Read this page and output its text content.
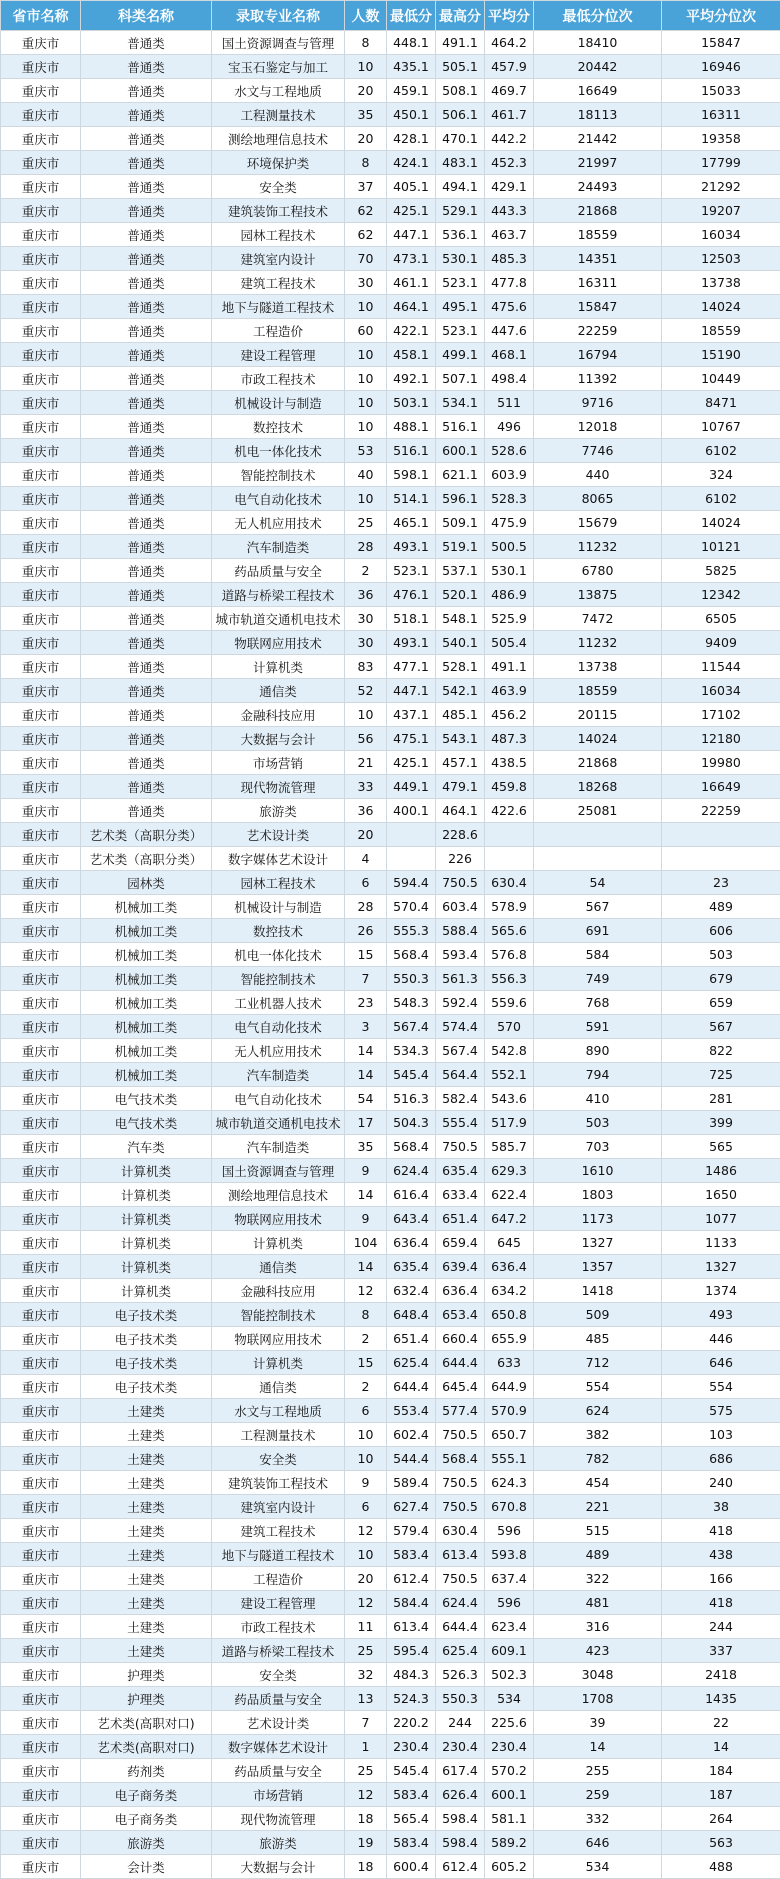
省市名称	科类名称	录取专业名称	人数	最低分	最高分	平均分	最低分位次	平均分位次
重庆市	普通类	国土资源调查与管理	8	448.1	491.1	464.2	18410	15847
重庆市	普通类	宝玉石鉴定与加工	10	435.1	505.1	457.9	20442	16946
重庆市	普通类	水文与工程地质	20	459.1	508.1	469.7	16649	15033
重庆市	普通类	工程测量技术	35	450.1	506.1	461.7	18113	16311
重庆市	普通类	测绘地理信息技术	20	428.1	470.1	442.2	21442	19358
重庆市	普通类	环境保护类	8	424.1	483.1	452.3	21997	17799
重庆市	普通类	安全类	37	405.1	494.1	429.1	24493	21292
重庆市	普通类	建筑装饰工程技术	62	425.1	529.1	443.3	21868	19207
重庆市	普通类	园林工程技术	62	447.1	536.1	463.7	18559	16034
重庆市	普通类	建筑室内设计	70	473.1	530.1	485.3	14351	12503
重庆市	普通类	建筑工程技术	30	461.1	523.1	477.8	16311	13738
重庆市	普通类	地下与隧道工程技术	10	464.1	495.1	475.6	15847	14024
重庆市	普通类	工程造价	60	422.1	523.1	447.6	22259	18559
重庆市	普通类	建设工程管理	10	458.1	499.1	468.1	16794	15190
重庆市	普通类	市政工程技术	10	492.1	507.1	498.4	11392	10449
重庆市	普通类	机械设计与制造	10	503.1	534.1	511	9716	8471
重庆市	普通类	数控技术	10	488.1	516.1	496	12018	10767
重庆市	普通类	机电一体化技术	53	516.1	600.1	528.6	7746	6102
重庆市	普通类	智能控制技术	40	598.1	621.1	603.9	440	324
重庆市	普通类	电气自动化技术	10	514.1	596.1	528.3	8065	6102
重庆市	普通类	无人机应用技术	25	465.1	509.1	475.9	15679	14024
重庆市	普通类	汽车制造类	28	493.1	519.1	500.5	11232	10121
重庆市	普通类	药品质量与安全	2	523.1	537.1	530.1	6780	5825
重庆市	普通类	道路与桥梁工程技术	36	476.1	520.1	486.9	13875	12342
重庆市	普通类	城市轨道交通机电技术	30	518.1	548.1	525.9	7472	6505
重庆市	普通类	物联网应用技术	30	493.1	540.1	505.4	11232	9409
重庆市	普通类	计算机类	83	477.1	528.1	491.1	13738	11544
重庆市	普通类	通信类	52	447.1	542.1	463.9	18559	16034
重庆市	普通类	金融科技应用	10	437.1	485.1	456.2	20115	17102
重庆市	普通类	大数据与会计	56	475.1	543.1	487.3	14024	12180
重庆市	普通类	市场营销	21	425.1	457.1	438.5	21868	19980
重庆市	普通类	现代物流管理	33	449.1	479.1	459.8	18268	16649
重庆市	普通类	旅游类	36	400.1	464.1	422.6	25081	22259
重庆市	艺术类（高职分类）	艺术设计类	20		228.6			
重庆市	艺术类（高职分类）	数字媒体艺术设计	4		226			
重庆市	园林类	园林工程技术	6	594.4	750.5	630.4	54	23
重庆市	机械加工类	机械设计与制造	28	570.4	603.4	578.9	567	489
重庆市	机械加工类	数控技术	26	555.3	588.4	565.6	691	606
重庆市	机械加工类	机电一体化技术	15	568.4	593.4	576.8	584	503
重庆市	机械加工类	智能控制技术	7	550.3	561.3	556.3	749	679
重庆市	机械加工类	工业机器人技术	23	548.3	592.4	559.6	768	659
重庆市	机械加工类	电气自动化技术	3	567.4	574.4	570	591	567
重庆市	机械加工类	无人机应用技术	14	534.3	567.4	542.8	890	822
重庆市	机械加工类	汽车制造类	14	545.4	564.4	552.1	794	725
重庆市	电气技术类	电气自动化技术	54	516.3	582.4	543.6	410	281
重庆市	电气技术类	城市轨道交通机电技术	17	504.3	555.4	517.9	503	399
重庆市	汽车类	汽车制造类	35	568.4	750.5	585.7	703	565
重庆市	计算机类	国土资源调查与管理	9	624.4	635.4	629.3	1610	1486
重庆市	计算机类	测绘地理信息技术	14	616.4	633.4	622.4	1803	1650
重庆市	计算机类	物联网应用技术	9	643.4	651.4	647.2	1173	1077
重庆市	计算机类	计算机类	104	636.4	659.4	645	1327	1133
重庆市	计算机类	通信类	14	635.4	639.4	636.4	1357	1327
重庆市	计算机类	金融科技应用	12	632.4	636.4	634.2	1418	1374
重庆市	电子技术类	智能控制技术	8	648.4	653.4	650.8	509	493
重庆市	电子技术类	物联网应用技术	2	651.4	660.4	655.9	485	446
重庆市	电子技术类	计算机类	15	625.4	644.4	633	712	646
重庆市	电子技术类	通信类	2	644.4	645.4	644.9	554	554
重庆市	土建类	水文与工程地质	6	553.4	577.4	570.9	624	575
重庆市	土建类	工程测量技术	10	602.4	750.5	650.7	382	103
重庆市	土建类	安全类	10	544.4	568.4	555.1	782	686
重庆市	土建类	建筑装饰工程技术	9	589.4	750.5	624.3	454	240
重庆市	土建类	建筑室内设计	6	627.4	750.5	670.8	221	38
重庆市	土建类	建筑工程技术	12	579.4	630.4	596	515	418
重庆市	土建类	地下与隧道工程技术	10	583.4	613.4	593.8	489	438
重庆市	土建类	工程造价	20	612.4	750.5	637.4	322	166
重庆市	土建类	建设工程管理	12	584.4	624.4	596	481	418
重庆市	土建类	市政工程技术	11	613.4	644.4	623.4	316	244
重庆市	土建类	道路与桥梁工程技术	25	595.4	625.4	609.1	423	337
重庆市	护理类	安全类	32	484.3	526.3	502.3	3048	2418
重庆市	护理类	药品质量与安全	13	524.3	550.3	534	1708	1435
重庆市	艺术类(高职对口)	艺术设计类	7	220.2	244	225.6	39	22
重庆市	艺术类(高职对口)	数字媒体艺术设计	1	230.4	230.4	230.4	14	14
重庆市	药剂类	药品质量与安全	25	545.4	617.4	570.2	255	184
重庆市	电子商务类	市场营销	12	583.4	626.4	600.1	259	187
重庆市	电子商务类	现代物流管理	18	565.4	598.4	581.1	332	264
重庆市	旅游类	旅游类	19	583.4	598.4	589.2	646	563
重庆市	会计类	大数据与会计	18	600.4	612.4	605.2	534	488
